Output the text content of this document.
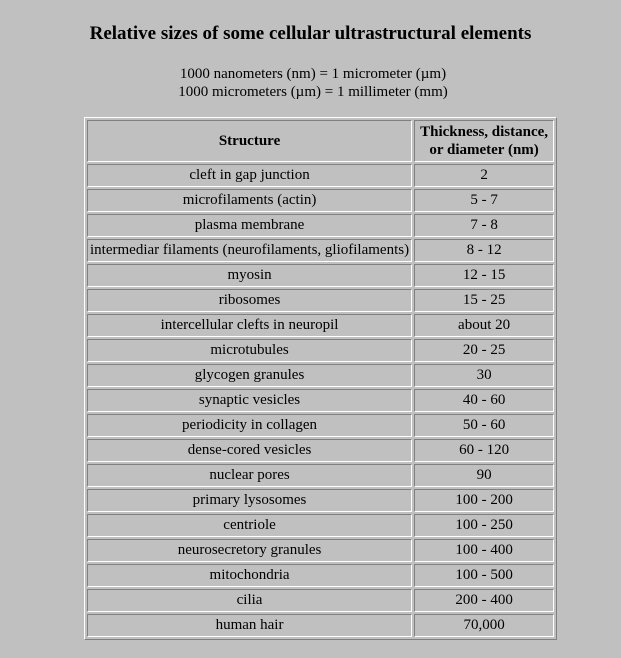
Relative sizes of some cellular ultrastructural elements
1000 nanometers (nm) = 1 micrometer (µm)
1000 micrometers (µm) = 1 millimeter (mm)
Structure	Thickness, distance,
or diameter (nm)
cleft in gap junction	2
microfilaments (actin)	5 - 7
plasma membrane	7 - 8
intermediar filaments (neurofilaments, gliofilaments)	8 - 12
myosin	12 - 15
ribosomes	15 - 25
intercellular clefts in neuropil	about 20
microtubules	20 - 25
glycogen granules	30
synaptic vesicles	40 - 60
periodicity in collagen	50 - 60
dense-cored vesicles	60 - 120
nuclear pores	90
primary lysosomes	100 - 200
centriole	100 - 250
neurosecretory granules	100 - 400
mitochondria	100 - 500
cilia	200 - 400
human hair	70,000
